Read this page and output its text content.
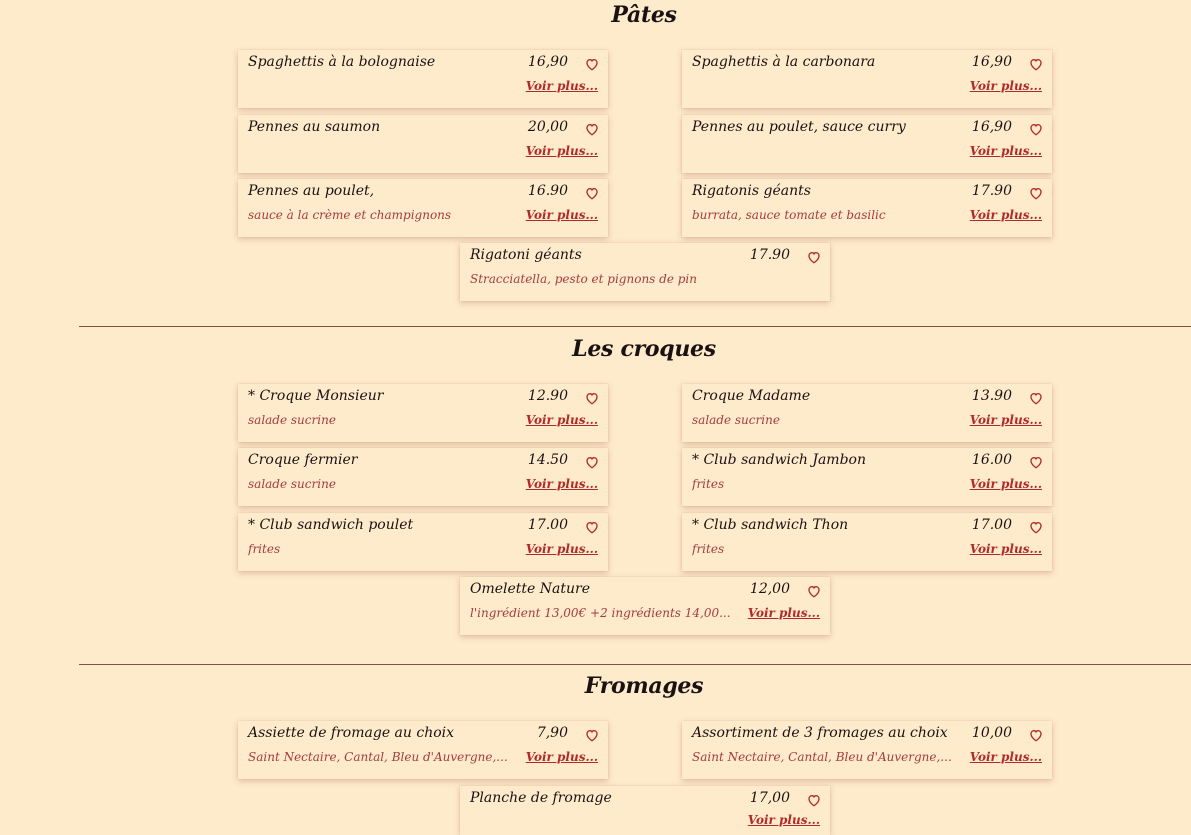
Pâtes
Spaghettis à la bolognaise	16,90
Voir plus...
Spaghettis à la carbonara	16,90
Voir plus...
Pennes au saumon	20,00
Voir plus...
Pennes au poulet, sauce curry	16,90
Voir plus...
Pennes au poulet,	16.90
sauce à la crème et champignons	Voir plus...
Rigatonis géants	17.90
burrata, sauce tomate et basilic	Voir plus...
Rigatoni géants	17.90
Stracciatella, pesto et pignons de pin
Les croques
* Croque Monsieur	12.90
salade sucrine	Voir plus...
Croque Madame	13.90
salade sucrine	Voir plus...
Croque fermier	14.50
salade sucrine	Voir plus...
* Club sandwich Jambon	16.00
frites	Voir plus...
* Club sandwich poulet	17.00
frites	Voir plus...
* Club sandwich Thon	17.00
frites	Voir plus...
Omelette Nature	12,00
l'ingrédient 13,00€ +2 ingrédients 14,00... Voir plus...
Fromages
Assiette de fromage au choix	7,90
Saint Nectaire, Cantal, Bleu d'Auvergne,... Voir plus...
Assortiment de 3 fromages au choix 10,00
Saint Nectaire, Cantal, Bleu d'Auvergne,... Voir plus...
Planche de fromage	17,00
Voir plus...
